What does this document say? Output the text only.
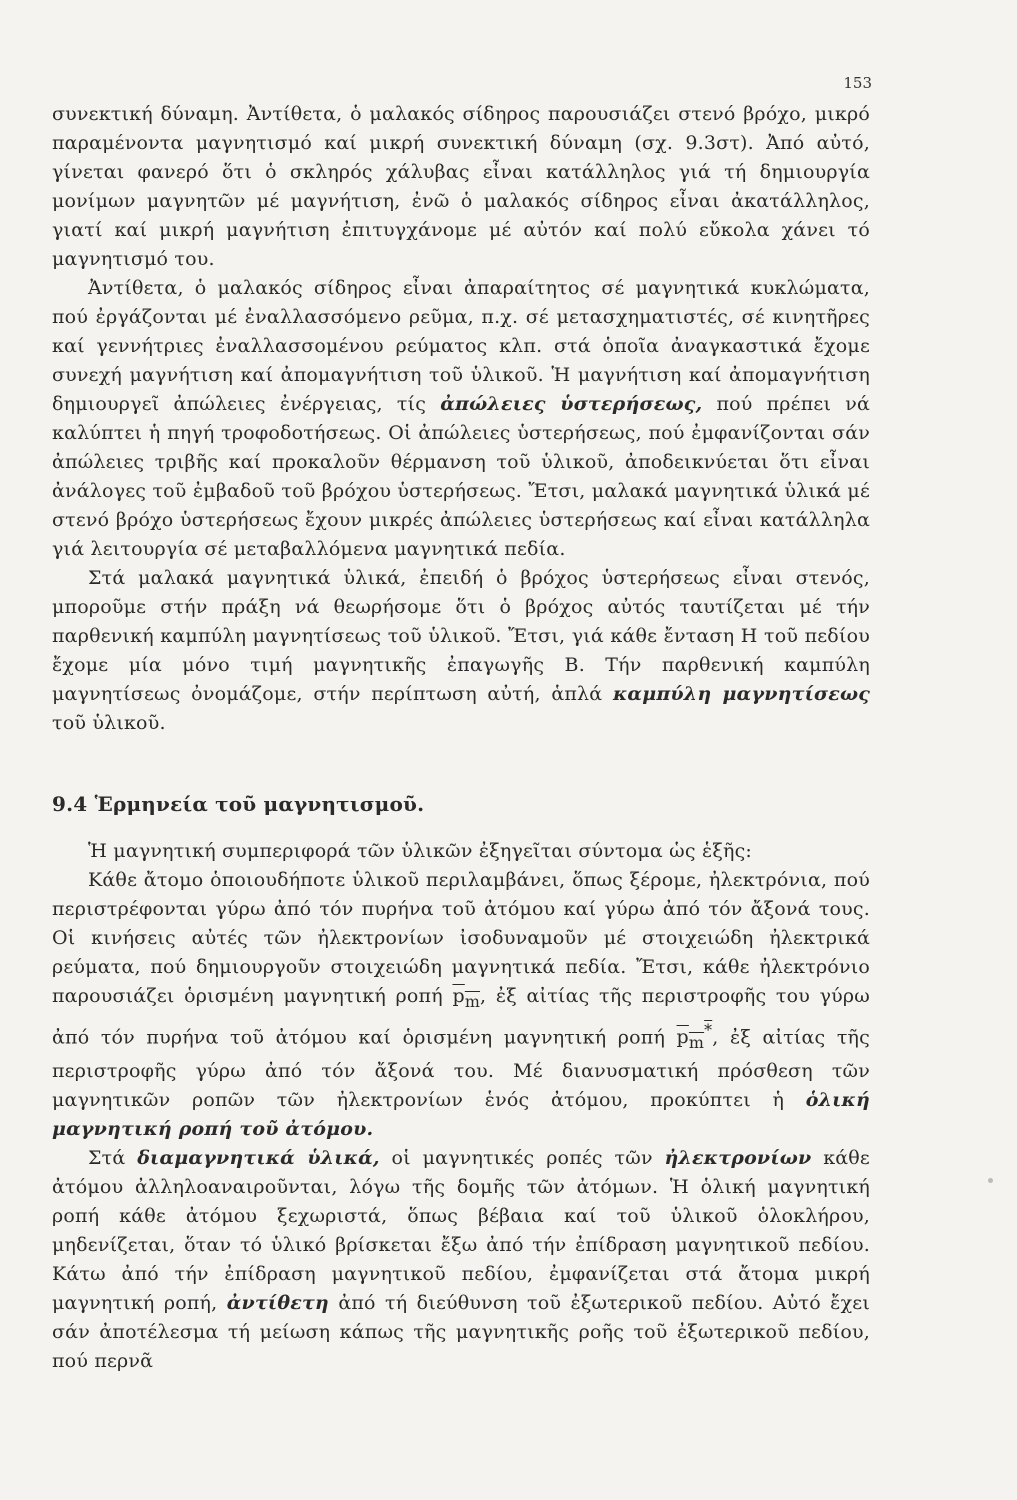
153

συνεκτική δύναμη. Ἀντίθετα, ὁ μαλακός σίδηρος παρουσιάζει στενό βρόχο, μικρό παραμένοντα μαγνητισμό καί μικρή συνεκτική δύναμη (σχ. 9.3στ). Ἀπό αὐτό, γίνεται φανερό ὅτι ὁ σκληρός χάλυβας εἶναι κατάλληλος γιά τή δημιουργία μονίμων μαγνητῶν μέ μαγνήτιση, ἐνῶ ὁ μαλακός σίδηρος εἶναι ἀκατάλληλος, γιατί καί μικρή μαγνήτιση ἐπιτυγχάνομε μέ αὐτόν καί πολύ εὔκολα χάνει τό μαγνητισμό του.

Ἀντίθετα, ὁ μαλακός σίδηρος εἶναι ἀπαραίτητος σέ μαγνητικά κυκλώματα, πού ἐργάζονται μέ ἐναλλασσόμενο ρεῦμα, π.χ. σέ μετασχηματιστές, σέ κινητῆρες καί γεννήτριες ἐναλλασσομένου ρεύματος κλπ. στά ὁποῖα ἀναγκαστικά ἔχομε συνεχή μαγνήτιση καί ἀπομαγνήτιση τοῦ ὑλικοῦ. Ἡ μαγνήτιση καί ἀπομαγνήτιση δημιουργεῖ ἀπώλειες ἐνέργειας, τίς ἀπώλειες ὑστερήσεως, πού πρέπει νά καλύπτει ἡ πηγή τροφοδοτήσεως. Οἱ ἀπώλειες ὑστερήσεως, πού ἐμφανίζονται σάν ἀπώλειες τριβῆς καί προκαλοῦν θέρμανση τοῦ ὑλικοῦ, ἀποδεικνύεται ὅτι εἶναι ἀνάλογες τοῦ ἐμβαδοῦ τοῦ βρόχου ὑστερήσεως. Ἔτσι, μαλακά μαγνητικά ὑλικά μέ στενό βρόχο ὑστερήσεως ἔχουν μικρές ἀπώλειες ὑστερήσεως καί εἶναι κατάλληλα γιά λειτουργία σέ μεταβαλλόμενα μαγνητικά πεδία.

Στά μαλακά μαγνητικά ὑλικά, ἐπειδή ὁ βρόχος ὑστερήσεως εἶναι στενός, μποροῦμε στήν πράξη νά θεωρήσομε ὅτι ὁ βρόχος αὐτός ταυτίζεται μέ τήν παρθενική καμπύλη μαγνητίσεως τοῦ ὑλικοῦ. Ἔτσι, γιά κάθε ἔνταση H τοῦ πεδίου ἔχομε μία μόνο τιμή μαγνητικῆς ἐπαγωγῆς B. Τήν παρθενική καμπύλη μαγνητίσεως ὀνομάζομε, στήν περίπτωση αὐτή, ἁπλά καμπύλη μαγνητίσεως τοῦ ὑλικοῦ.

9.4 Ἑρμηνεία τοῦ μαγνητισμοῦ.

Ἡ μαγνητική συμπεριφορά τῶν ὑλικῶν ἐξηγεῖται σύντομα ὡς ἑξῆς:

Κάθε ἄτομο ὁποιουδήποτε ὑλικοῦ περιλαμβάνει, ὅπως ξέρομε, ἠλεκτρόνια, πού περιστρέφονται γύρω ἀπό τόν πυρήνα τοῦ ἀτόμου καί γύρω ἀπό τόν ἄξονά τους. Οἱ κινήσεις αὐτές τῶν ἠλεκτρονίων ἰσοδυναμοῦν μέ στοιχειώδη ἠλεκτρικά ρεύματα, πού δημιουργοῦν στοιχειώδη μαγνητικά πεδία. Ἔτσι, κάθε ἠλεκτρόνιο παρουσιάζει ὁρισμένη μαγνητική ροπή $p_m$, ἐξ αἰτίας τῆς περιστροφῆς του γύρω ἀπό τόν πυρήνα τοῦ ἀτόμου καί ὁρισμένη μαγνητική ροπή $p_m^*$, ἐξ αἰτίας τῆς περιστροφῆς γύρω ἀπό τόν ἄξονά του. Μέ διανυσματική πρόσθεση τῶν μαγνητικῶν ροπῶν τῶν ἠλεκτρονίων ἑνός ἀτόμου, προκύπτει ἡ ὁλική μαγνητική ροπή τοῦ ἀτόμου.

Στά διαμαγνητικά ὑλικά, οἱ μαγνητικές ροπές τῶν ἠλεκτρονίων κάθε ἀτόμου ἀλληλοαναιροῦνται, λόγω τῆς δομῆς τῶν ἀτόμων. Ἡ ὁλική μαγνητική ροπή κάθε ἀτόμου ξεχωριστά, ὅπως βέβαια καί τοῦ ὑλικοῦ ὁλοκλήρου, μηδενίζεται, ὅταν τό ὑλικό βρίσκεται ἔξω ἀπό τήν ἐπίδραση μαγνητικοῦ πεδίου. Κάτω ἀπό τήν ἐπίδραση μαγνητικοῦ πεδίου, ἐμφανίζεται στά ἄτομα μικρή μαγνητική ροπή, ἀντίθετη ἀπό τή διεύθυνση τοῦ ἐξωτερικοῦ πεδίου. Αὐτό ἔχει σάν ἀποτέλεσμα τή μείωση κάπως τῆς μαγνητικῆς ροῆς τοῦ ἐξωτερικοῦ πεδίου, πού περνᾶ
